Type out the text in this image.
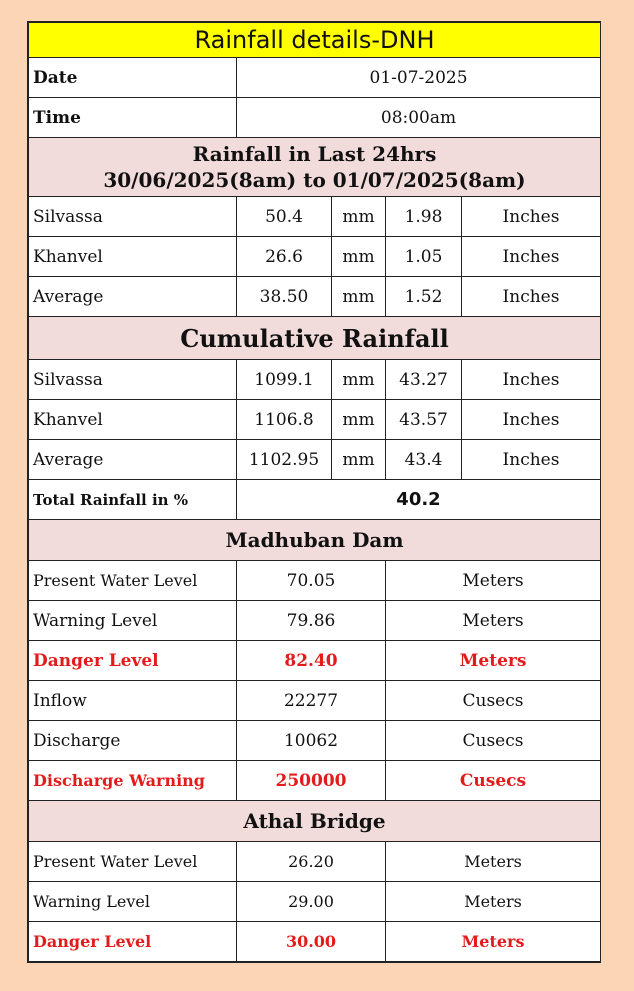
Rainfall details-DNH				
Date	01-07-2025			
Time	08:00am			

Rainfall in Last 24hrs
30/06/2025(8am) to 01/07/2025(8am)				

Silvassa	50.4	mm	1.98	Inches
Khanvel	26.6	mm	1.05	Inches
Average	38.50	mm	1.52	Inches
Cumulative Rainfall				
Silvassa	1099.1	mm	43.27	Inches
Khanvel	1106.8	mm	43.57	Inches
Average	1102.95	mm	43.4	Inches
Total Rainfall in %	40.2			
Madhuban Dam				
Present Water Level	70.05		Meters	
Warning Level	79.86		Meters	
Danger Level	82.40		Meters	
Inflow	22277		Cusecs	
Discharge	10062		Cusecs	
Discharge Warning	250000		Cusecs	
Athal Bridge				
Present Water Level	26.20		Meters	
Warning Level	29.00		Meters	
Danger Level	30.00		Meters	
